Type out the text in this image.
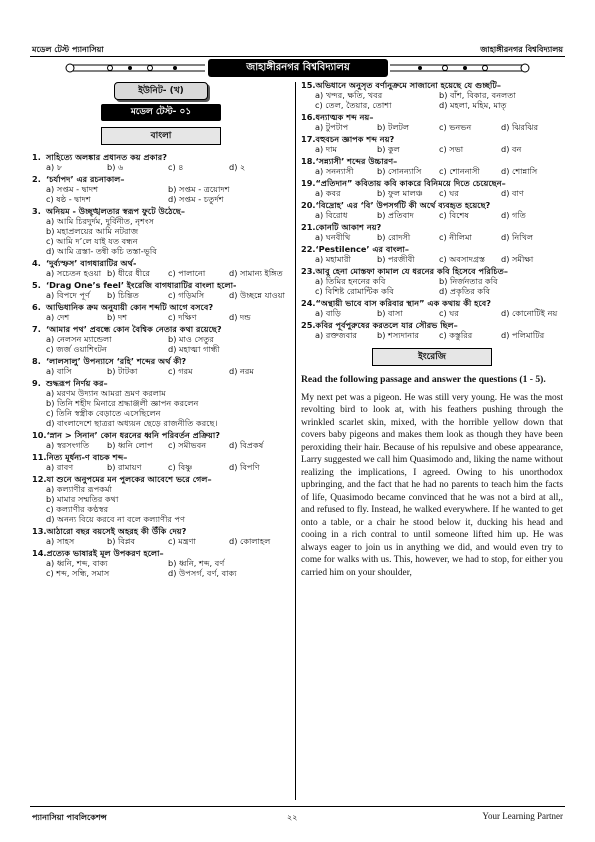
মডেল টেস্ট প্যানাসিয়া	জাহাঙ্গীরনগর বিশ্ববিদ্যালয়
জাহাঙ্গীরনগর বিশ্ববিদ্যালয়
ইউনিট- (খ)
মডেল টেস্ট- ০১
বাংলা
1. সাহিত্যে অলঙ্কার প্রধানত কয় প্রকার?
a) ৮	b) ৬	c) ৪	d) ২
2. ‘চর্যাপদ’ এর রচনাকাল–
a) সপ্তম - দ্বাদশ	b) সপ্তম - ত্রয়োদশ
c) ষষ্ঠ - দ্বাদশ	d) সপ্তম - চতুর্দশ
3. অনিয়ম - উচ্ছৃঙ্খলতার স্বরূপ ফুটে উঠেছে–
a) আমি চিরদুর্দম, দুর্বিনীত, নৃশংস
b) মহাপ্রলয়ের আমি নটরাজ
c) আমি দ’লে যাই যত বন্ধন
d) আমি ত্রস্তা- তন্বী কচি তস্তা-ভূবি
4. ‘দুর্ব্যস্ফস’ বাগধারাটির অর্থ-
a) সচেতন হওয়া b) ধীরে ধীরে	c) পালানো	d) সামান্য ইঙ্গিত
5. ‘Drag One’s feel’ ইংরেজি বাগধারাটির বাংলা হলো-
a) বিপদে পূর্ণ	b) চিন্তিত	c) গড়িমসি	d) উচ্ছন্নে যাওয়া
6. আভিধানিক ক্রম অনুযায়ী কোন শব্দটি আগে বসবে?
a) দেশ	b) দশ	c) দক্ষিণ	d) দন্ড
7. ‘আমার পথ’ প্রবন্ধে কোন বৈশ্বিক নেতার কথা রয়েছে?
a) নেলসন ম্যান্ডেলা	b) মাও সেতুর
c) জর্জ ওয়াশিংটন	d) মহাত্মা গান্ধী
8. ‘লালসালু’ উপন্যাসে ‘রহি’ শব্দের অর্থ কী?
a) বাসি	b) টাটকা	c) গরম	d) নরম
9. শুদ্ধরূপ নির্ণয় কর–
a) মরণম উদ্যান আমরা ভ্রমণ করলাম
b) তিনি শহীদ মিনারে শ্রদ্ধাঞ্জলী জ্ঞাপন করলেন
c) তিনি স্বস্ত্রীক বেড়াতে এসেছিলেন
d) বাংলাদেশে ছাত্ররা অধ্যয়ন ছেড়ে রাজনীতি করছে।
10. ‘স্নান > সিনান’ কোন ধরনের ধ্বনি পরিবর্তন প্রক্রিয়া?
a) স্বরসংগতি	b) ধ্বনি লোপ	c) সমীভবন	d) বিপ্রকর্ষ
11. নিত্য মূর্ধন্য-ণ বাচক শব্দ–
a) রাবণ	b) রামায়ণ	c) বিষ্ণু	d) বিপণি
12. যা শুনে অনুপমের মন পুলকের আবেশে ভরে গেল–
a) কল্যাণীর রূপকর্মা
b) মামার সম্মতির কথা
c) কল্যাণীর কণ্ঠস্বর
d) অনন্য বিয়ে করবে না বলে কল্যাণীর পণ
13. আঠারো বছর বয়সেই অহরহ কী উঁকি দেয়?
a) সাহস	b) বিপ্লব	c) মন্ত্রণা	d) কোলাহল
14. প্রত্যেক ভাষারই মূল উপকরণ হলো–
a) ধ্বনি, শব্দ, বাক্য	b) ধ্বনি, শব্দ, বর্ণ
c) শব্দ, সন্ধি, সমাস	d) উপসর্গ, বর্ণ, বাক্য
15. অভিধানে অনুসৃত বর্ণানুক্রমে সাজানো হয়েছে যে গুচ্ছটি–
a) খন্দর, ক্ষতি, খবর	b) বাঁশ, বিকার, বনলতা
c) তেল, তৈয়ার, তোশা	d) মহলা, মহিম, মাতৃ
16. ধন্যাত্মক শব্দ নয়–
a) টুপটাপ	b) টলটল	c) ভনভন	d) ঝিরঝির
17. বহুবচন জ্ঞাপক শব্দ নয়?
a) দাম	b) কুল	c) সভা	d) বন
18. ‘সন্ন্যাসী’ শব্দের উচ্চারণ–
a) সনন্যাসী	b) সোনন্যাসি	c) শোননাসী	d) শোন্নাসি
19. “প্রতিদান” কবিতায় কবি কাকরে বিনিময়ে দিতে চেয়েছেন–
a) কবর	b) ফুল মালঞ্চ	c) ঘর	d) বাণ
20. ‘বিদ্রোহ’ এর ‘বি’ উপসর্গটি কী অর্থে ব্যবহৃত হয়েছে?
a) বিরোধ	b) প্রতিবাদ	c) বিশেষ	d) গতি
21. কোনটি আকাশ নয়?
a) ঘনবীথি	b) রোদসী	c) নীলিমা	d) নিখিল
22. ‘Pestilence’ এর বাংলা–
a) মহামারী	b) পরজীবী	c) অবসাদগ্রস্ত	d) সমীক্ষা
23. আবু হেনা মোস্তফা কামাল যে ধরনের কবি হিসেবে পরিচিত–
a) তিমির হননের কবি	b) নির্জনতার কবি
c) বিশিষ্ট রোমান্টিক কবি	d) প্রকৃতির কবি
24. “অন্থায়ী ভাবে বাস করিবার স্থান” এক কথায় কী হবে?
a) বাড়ি	b) বাসা	c) ঘর	d) কোনোটিই নয়
25. কবির পূর্বপুরুষের করতলে যার সৌরভ ছিল–
a) রক্তজবার	b) শস্যদানার	c) কস্তুরির	d) পলিমাটির
ইংরেজি
Read the following passage and answer the questions (1 - 5).
My next pet was a pigeon. He was still very young. He was the most revolting bird to look at, with his feathers pushing through the wrinkled scarlet skin, mixed, with the horrible yellow down that covers baby pigeons and makes them look as though they have been peroxiding their hair. Because of his repulsive and obese appearance, Larry suggested we call him Quasimodo and, liking the name without realizing the implications, I agreed. Owing to his unorthodox upbringing, and the fact that he had no parents to teach him the facts of life, Quasimodo became convinced that he was not a bird at all,, and refused to fly. Instead, he walked everywhere. If he wanted to get onto a table, or a chair he stood below it, ducking his head and cooing in a rich contral to until someone lifted him up. He was always eager to join us in anything we did, and would even try to come for walks with us. This, however, we had to stop, for either you carried him on your shoulder,
প্যানাসিয়া পাবলিকেশন্স	২২	Your Learning Partner
